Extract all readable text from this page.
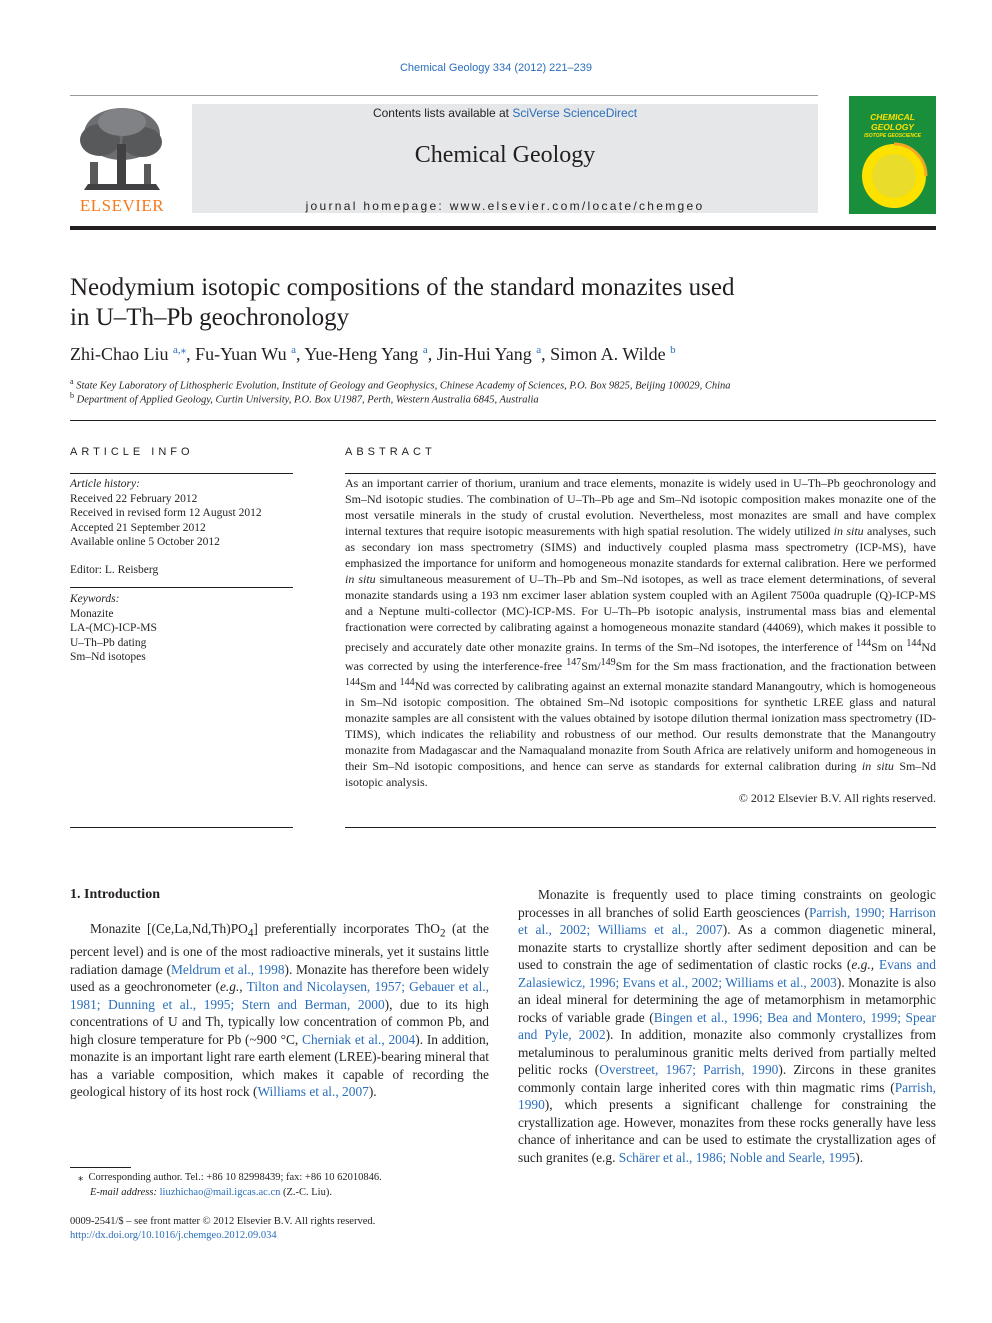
Chemical Geology 334 (2012) 221–239
ELSEVIER
Contents lists available at SciVerse ScienceDirect
Chemical Geology
journal homepage: www.elsevier.com/locate/chemgeo
CHEMICAL
GEOLOGY
ISOTOPE GEOSCIENCE
Neodymium isotopic compositions of the standard monazites used
in U–Th–Pb geochronology
Zhi-Chao Liu $^{a,⁎}$, Fu-Yuan Wu $^a$, Yue-Heng Yang $^a$, Jin-Hui Yang $^a$, Simon A. Wilde $^b$
$^a$ State Key Laboratory of Lithospheric Evolution, Institute of Geology and Geophysics, Chinese Academy of Sciences, P.O. Box 9825, Beijing 100029, China
$^b$ Department of Applied Geology, Curtin University, P.O. Box U1987, Perth, Western Australia 6845, Australia
ARTICLE INFO
Article history:
Received 22 February 2012
Received in revised form 12 August 2012
Accepted 21 September 2012
Available online 5 October 2012
Editor: L. Reisberg
Keywords:
Monazite
LA-(MC)-ICP-MS
U–Th–Pb dating
Sm–Nd isotopes
ABSTRACT

As an important carrier of thorium, uranium and trace elements, monazite is widely used in U–Th–Pb geochronology and Sm–Nd isotopic studies. The combination of U–Th–Pb age and Sm–Nd isotopic composition makes monazite one of the most versatile minerals in the study of crustal evolution. Nevertheless, most monazites are small and have complex internal textures that require isotopic measurements with high spatial resolution. The widely utilized in situ analyses, such as secondary ion mass spectrometry (SIMS) and inductively coupled plasma mass spectrometry (ICP-MS), have emphasized the importance for uniform and homogeneous monazite standards for external calibration. Here we performed in situ simultaneous measurement of U–Th–Pb and Sm–Nd isotopes, as well as trace element determinations, of several monazite standards using a 193 nm excimer laser ablation system coupled with an Agilent 7500a quadruple (Q)-ICP-MS and a Neptune multi-collector (MC)-ICP-MS. For U–Th–Pb isotopic analysis, instrumental mass bias and elemental fractionation were corrected by calibrating against a homogeneous monazite standard (44069), which makes it possible to precisely and accurately date other monazite grains. In terms of the Sm–Nd isotopes, the interference of $^{144}$Sm on $^{144}$Nd was corrected by using the interference-free $^{147}$Sm/$^{149}$Sm for the Sm mass fractionation, and the fractionation between $^{144}$Sm and $^{144}$Nd was corrected by calibrating against an external monazite standard Manangoutry, which is homogeneous in Sm–Nd isotopic composition. The obtained Sm–Nd isotopic compositions for synthetic LREE glass and natural monazite samples are all consistent with the values obtained by isotope dilution thermal ionization mass spectrometry (ID-TIMS), which indicates the reliability and robustness of our method. Our results demonstrate that the Manangoutry monazite from Madagascar and the Namaqualand monazite from South Africa are relatively uniform and homogeneous in their Sm–Nd isotopic compositions, and hence can serve as standards for external calibration during in situ Sm–Nd isotopic analysis.

© 2012 Elsevier B.V. All rights reserved.
1. Introduction

Monazite $[(Ce,La,Nd,Th)PO_4]$ preferentially incorporates ThO$_2$ (at the percent level) and is one of the most radioactive minerals, yet it sustains little radiation damage (Meldrum et al., 1998). Monazite has therefore been widely used as a geochronometer (e.g., Tilton and Nicolaysen, 1957; Gebauer et al., 1981; Dunning et al., 1995; Stern and Berman, 2000), due to its high concentrations of U and Th, typically low concentration of common Pb, and high closure temperature for Pb (~900 °C, Cherniak et al., 2004). In addition, monazite is an important light rare earth element (LREE)-bearing mineral that has a variable composition, which makes it capable of recording the geological history of its host rock (Williams et al., 2007).

Monazite is frequently used to place timing constraints on geologic processes in all branches of solid Earth geosciences (Parrish, 1990; Harrison et al., 2002; Williams et al., 2007). As a common diagenetic mineral, monazite starts to crystallize shortly after sediment deposition and can be used to constrain the age of sedimentation of clastic rocks (e.g., Evans and Zalasiewicz, 1996; Evans et al., 2002; Williams et al., 2003). Monazite is also an ideal mineral for determining the age of metamorphism in metamorphic rocks of variable grade (Bingen et al., 1996; Bea and Montero, 1999; Spear and Pyle, 2002). In addition, monazite also commonly crystallizes from metaluminous to peraluminous granitic melts derived from partially melted pelitic rocks (Overstreet, 1967; Parrish, 1990). Zircons in these granites commonly contain large inherited cores with thin magmatic rims (Parrish, 1990), which presents a significant challenge for constraining the crystallization age. However, monazites from these rocks generally have less chance of inheritance and can be used to estimate the crystallization ages of such granites (e.g. Schärer et al., 1986; Noble and Searle, 1995).

⁎ Corresponding author. Tel.: +86 10 82998439; fax: +86 10 62010846.
E-mail address: liuzhichao@mail.igcas.ac.cn (Z.-C. Liu).
0009-2541/$ – see front matter © 2012 Elsevier B.V. All rights reserved.
http://dx.doi.org/10.1016/j.chemgeo.2012.09.034
